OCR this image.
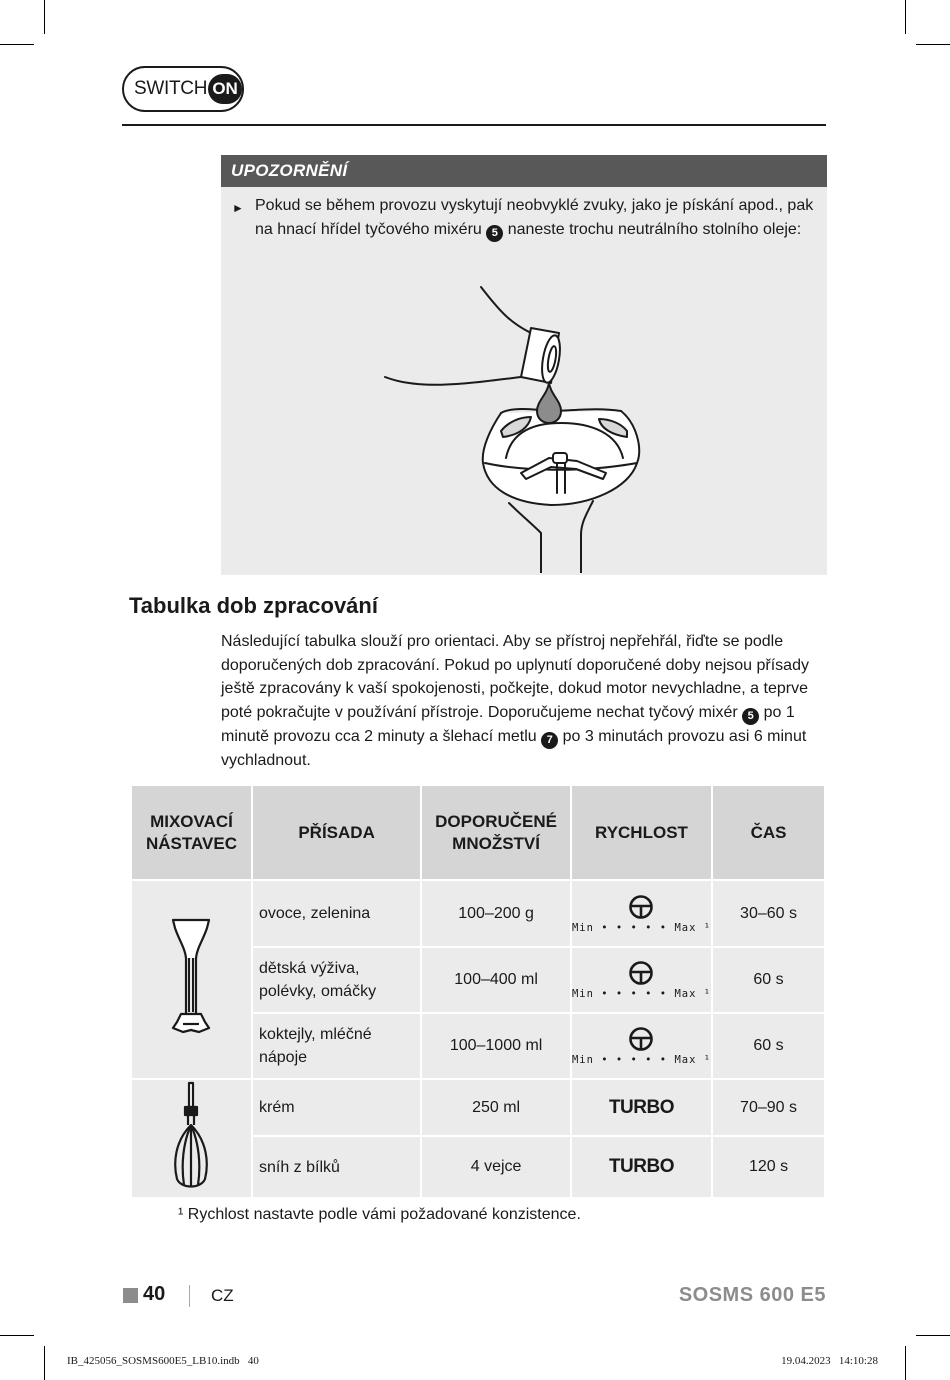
SWITCH ON
UPOZORNĚNÍ
► Pokud se během provozu vyskytují neobvyklé zvuky, jako je pískání apod., pak na hnací hřídel tyčového mixéru 5 naneste trochu neutrálního stolního oleje:
Tabulka dob zpracování
Následující tabulka slouží pro orientaci. Aby se přístroj nepřehřál, řiďte se podle doporučených dob zpracování. Pokud po uplynutí doporučené doby nejsou přísady ještě zpracovány k vaší spokojenosti, počkejte, dokud motor nevychladne, a teprve poté pokračujte v používání přístroje. Doporučujeme nechat tyčový mixér 5 po 1 minutě provozu cca 2 minuty a šlehací metlu 7 po 3 minutách provozu asi 6 minut vychladnout.
MIXOVACÍ NÁSTAVEC	PŘÍSADA	DOPORUČENÉ MNOŽSTVÍ	RYCHLOST	ČAS
	ovoce, zelenina	100–200 g	Min • • • • • Max ¹	30–60 s
	dětská výživa, polévky, omáčky	100–400 ml	Min • • • • • Max ¹	60 s
	koktejly, mléčné nápoje	100–1000 ml	Min • • • • • Max ¹	60 s
	krém	250 ml	TURBO	70–90 s
	sníh z bílků	4 vejce	TURBO	120 s
¹ Rychlost nastavte podle vámi požadované konzistence.
40	CZ	SOSMS 600 E5
IB_425056_SOSMS600E5_LB10.indb   40	19.04.2023   14:10:28
